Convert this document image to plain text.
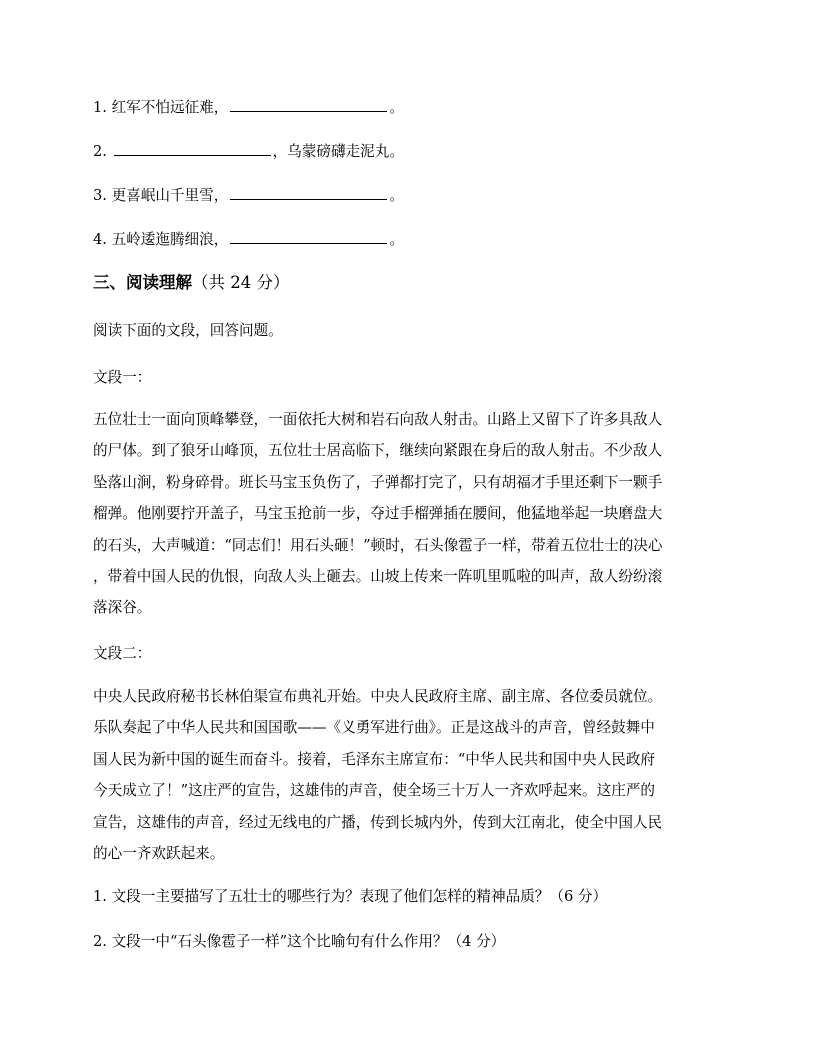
1. 红军不怕远征难，	。
2.	，乌蒙磅礴走泥丸。
3. 更喜岷山千里雪，	。
4. 五岭逶迤腾细浪，	。
三、阅读理解（共 24 分）
阅读下面的文段，回答问题。
文段一：
五位壮士一面向顶峰攀登，一面依托大树和岩石向敌人射击。山路上又留下了许多具敌人
的尸体。到了狼牙山峰顶，五位壮士居高临下，继续向紧跟在身后的敌人射击。不少敌人
坠落山涧，粉身碎骨。班长马宝玉负伤了，子弹都打完了，只有胡福才手里还剩下一颗手
榴弹。他刚要拧开盖子，马宝玉抢前一步，夺过手榴弹插在腰间，他猛地举起一块磨盘大
的石头，大声喊道：“同志们！用石头砸！”顿时，石头像雹子一样，带着五位壮士的决心
，带着中国人民的仇恨，向敌人头上砸去。山坡上传来一阵叽里呱啦的叫声，敌人纷纷滚
落深谷。
文段二：
中央人民政府秘书长林伯渠宣布典礼开始。中央人民政府主席、副主席、各位委员就位。
乐队奏起了中华人民共和国国歌——《义勇军进行曲》。正是这战斗的声音，曾经鼓舞中
国人民为新中国的诞生而奋斗。接着，毛泽东主席宣布：“中华人民共和国中央人民政府
今天成立了！”这庄严的宣告，这雄伟的声音，使全场三十万人一齐欢呼起来。这庄严的
宣告，这雄伟的声音，经过无线电的广播，传到长城内外，传到大江南北，使全中国人民
的心一齐欢跃起来。
1. 文段一主要描写了五壮士的哪些行为？表现了他们怎样的精神品质？（6 分）
2. 文段一中“石头像雹子一样”这个比喻句有什么作用？（4 分）
